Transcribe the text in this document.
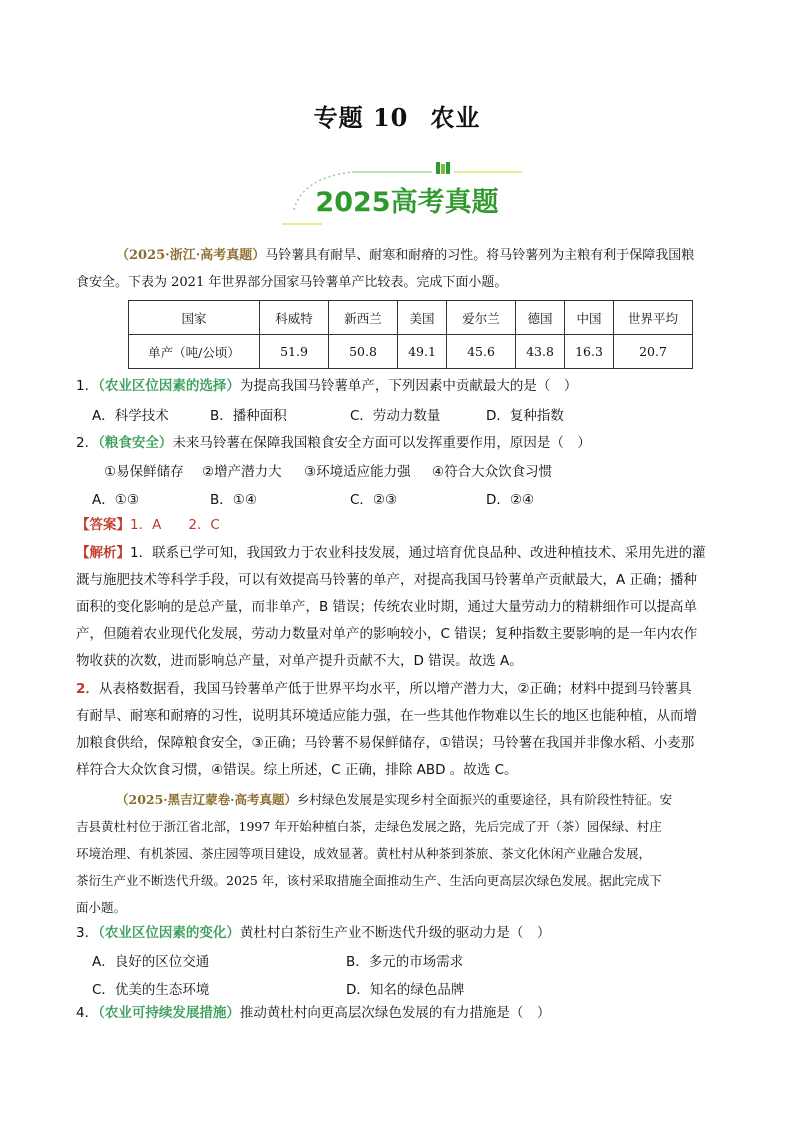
专题 10 农业
2025高考真题
（2025·浙江·高考真题）马铃薯具有耐旱、耐寒和耐瘠的习性。将马铃薯列为主粮有利于保障我国粮
食安全。下表为 2021 年世界部分国家马铃薯单产比较表。完成下面小题。
国家	科威特	新西兰	美国	爱尔兰	德国	中国	世界平均
单产（吨/公顷）	51.9	50.8	49.1	45.6	43.8	16.3	20.7
1．（农业区位因素的选择）为提高我国马铃薯单产，下列因素中贡献最大的是（　）
A．科学技术	B．播种面积	C．劳动力数量	D．复种指数
2．（粮食安全）未来马铃薯在保障我国粮食安全方面可以发挥重要作用，原因是（　）
①易保鲜储存 ②增产潜力大 ③环境适应能力强 ④符合大众饮食习惯
A．①③	B．①④	C．②③	D．②④
【答案】1．A　　2．C
【解析】1．联系已学可知，我国致力于农业科技发展，通过培育优良品种、改进种植技术、采用先进的灌
溉与施肥技术等科学手段，可以有效提高马铃薯的单产，对提高我国马铃薯单产贡献最大，A 正确；播种
面积的变化影响的是总产量，而非单产，B 错误；传统农业时期，通过大量劳动力的精耕细作可以提高单
产，但随着农业现代化发展，劳动力数量对单产的影响较小，C 错误；复种指数主要影响的是一年内农作
物收获的次数，进而影响总产量，对单产提升贡献不大，D 错误。故选 A。
2．从表格数据看，我国马铃薯单产低于世界平均水平，所以增产潜力大，②正确；材料中提到马铃薯具
有耐旱、耐寒和耐瘠的习性，说明其环境适应能力强，在一些其他作物难以生长的地区也能种植，从而增
加粮食供给，保障粮食安全，③正确；马铃薯不易保鲜储存，①错误；马铃薯在我国并非像水稻、小麦那
样符合大众饮食习惯，④错误。综上所述，C 正确，排除 ABD 。故选 C。
（2025·黑吉辽蒙卷·高考真题）乡村绿色发展是实现乡村全面振兴的重要途径，具有阶段性特征。安
吉县黄杜村位于浙江省北部，1997 年开始种植白茶，走绿色发展之路，先后完成了开（茶）园保绿、村庄
环境治理、有机茶园、茶庄园等项目建设，成效显著。黄杜村从种茶到茶旅、茶文化休闲产业融合发展，
茶衍生产业不断迭代升级。2025 年，该村采取措施全面推动生产、生活向更高层次绿色发展。据此完成下
面小题。
3．（农业区位因素的变化）黄杜村白茶衍生产业不断迭代升级的驱动力是（　）
A．良好的区位交通	B．多元的市场需求
C．优美的生态环境	D．知名的绿色品牌
4．（农业可持续发展措施）推动黄杜村向更高层次绿色发展的有力措施是（　）
